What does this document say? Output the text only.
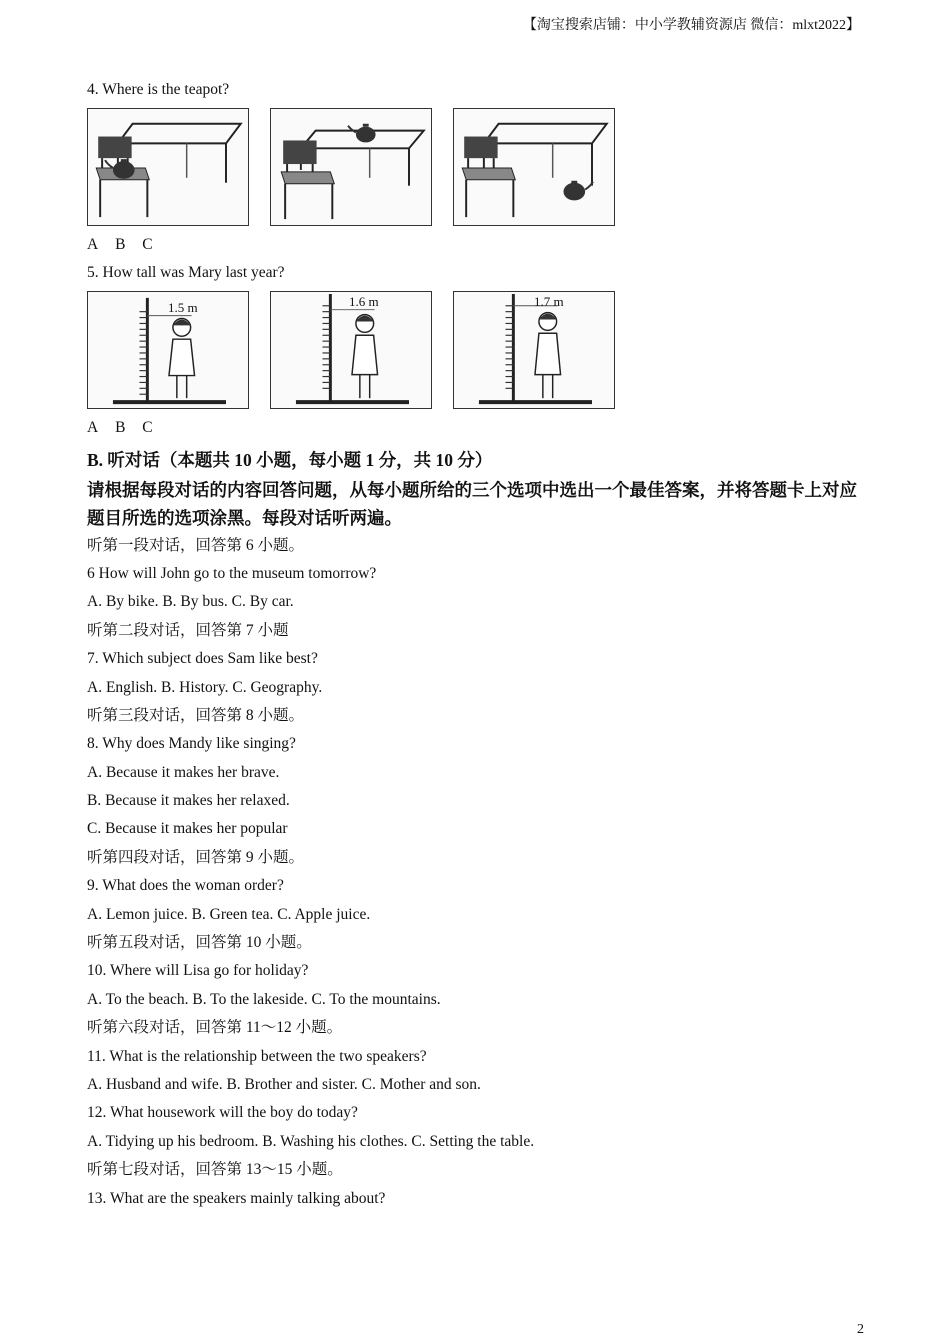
【淘宝搜索店铺：中小学教辅资源店 微信：mlxt2022】

4. Where is the teapot?

A B C

5. How tall was Mary last year?

1.5 m	1.6 m	1.7 m

A B C

B. 听对话（本题共 10 小题，每小题 1 分，共 10 分）

请根据每段对话的内容回答问题，从每小题所给的三个选项中选出一个最佳答案，并将答题卡上对应题目所选的选项涂黑。每段对话听两遍。

听第一段对话，回答第 6 小题。

6 How will John go to the museum tomorrow?

A. By bike. B. By bus. C. By car.

听第二段对话，回答第 7 小题

7. Which subject does Sam like best?

A. English. B. History. C. Geography.

听第三段对话，回答第 8 小题。

8. Why does Mandy like singing?

A. Because it makes her brave.

B. Because it makes her relaxed.

C. Because it makes her popular

听第四段对话，回答第 9 小题。

9. What does the woman order?

A. Lemon juice. B. Green tea. C. Apple juice.

听第五段对话，回答第 10 小题。

10. Where will Lisa go for holiday?

A. To the beach. B. To the lakeside. C. To the mountains.

听第六段对话，回答第 11～12 小题。

11. What is the relationship between the two speakers?

A. Husband and wife. B. Brother and sister. C. Mother and son.

12. What housework will the boy do today?

A. Tidying up his bedroom. B. Washing his clothes. C. Setting the table.

听第七段对话，回答第 13～15 小题。

13. What are the speakers mainly talking about?

2
